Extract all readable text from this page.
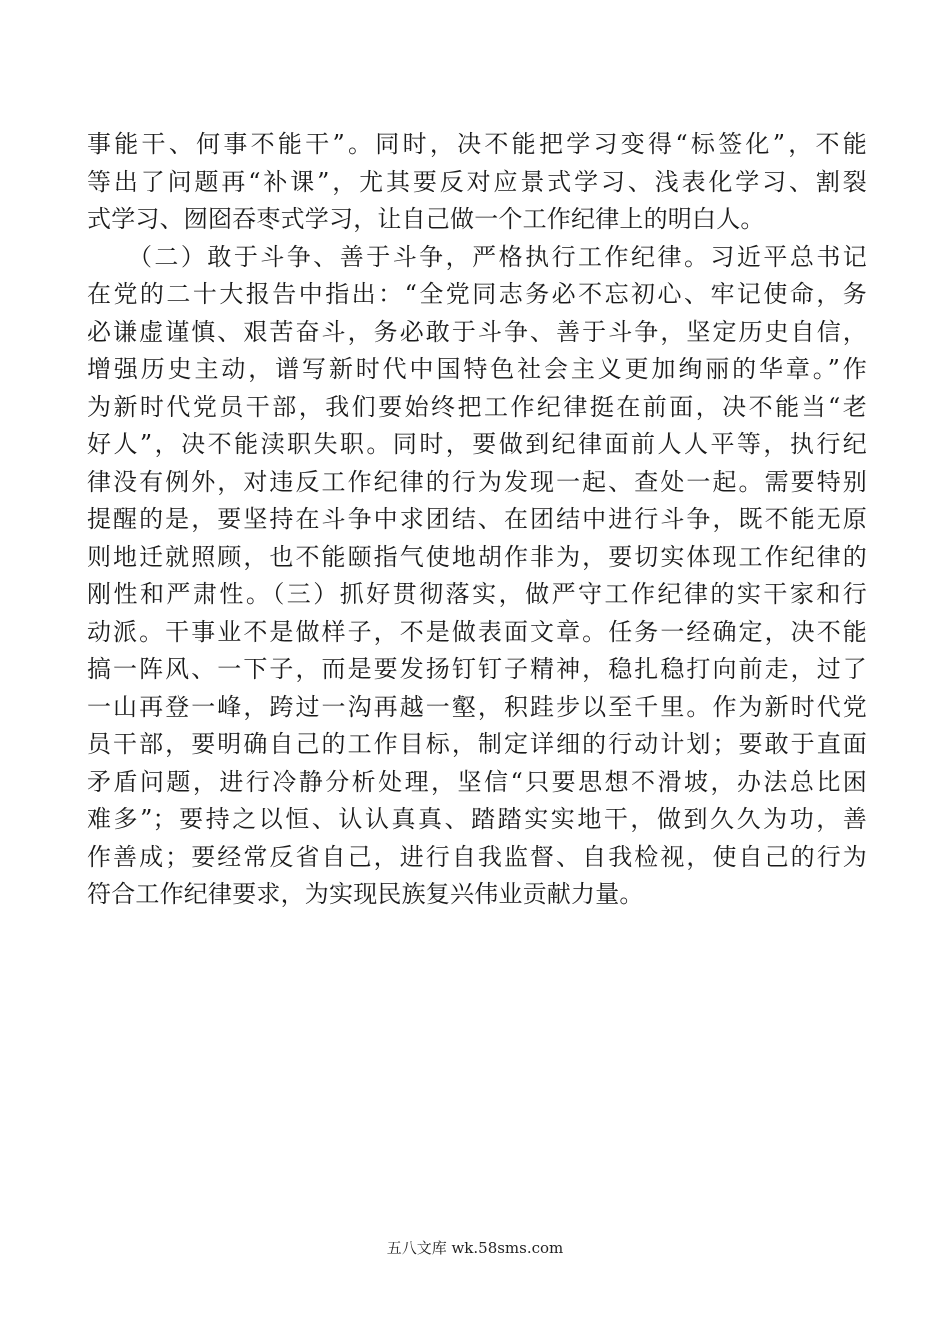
事能干、何事不能干”。同时，决不能把学习变得“标签化”，不能
等出了问题再“补课”，尤其要反对应景式学习、浅表化学习、割裂
式学习、囫囵吞枣式学习，让自己做一个工作纪律上的明白人。
　　（二）敢于斗争、善于斗争，严格执行工作纪律。习近平总书记
在党的二十大报告中指出：“全党同志务必不忘初心、牢记使命，务
必谦虚谨慎、艰苦奋斗，务必敢于斗争、善于斗争，坚定历史自信，
增强历史主动，谱写新时代中国特色社会主义更加绚丽的华章。”作
为新时代党员干部，我们要始终把工作纪律挺在前面，决不能当“老
好人”，决不能渎职失职。同时，要做到纪律面前人人平等，执行纪
律没有例外，对违反工作纪律的行为发现一起、查处一起。需要特别
提醒的是，要坚持在斗争中求团结、在团结中进行斗争，既不能无原
则地迁就照顾，也不能颐指气使地胡作非为，要切实体现工作纪律的
刚性和严肃性。（三）抓好贯彻落实，做严守工作纪律的实干家和行
动派。干事业不是做样子，不是做表面文章。任务一经确定，决不能
搞一阵风、一下子，而是要发扬钉钉子精神，稳扎稳打向前走，过了
一山再登一峰，跨过一沟再越一壑，积跬步以至千里。作为新时代党
员干部，要明确自己的工作目标，制定详细的行动计划；要敢于直面
矛盾问题，进行冷静分析处理，坚信“只要思想不滑坡，办法总比困
难多”；要持之以恒、认认真真、踏踏实实地干，做到久久为功，善
作善成；要经常反省自己，进行自我监督、自我检视，使自己的行为
符合工作纪律要求，为实现民族复兴伟业贡献力量。
五八文库 wk.58sms.com
